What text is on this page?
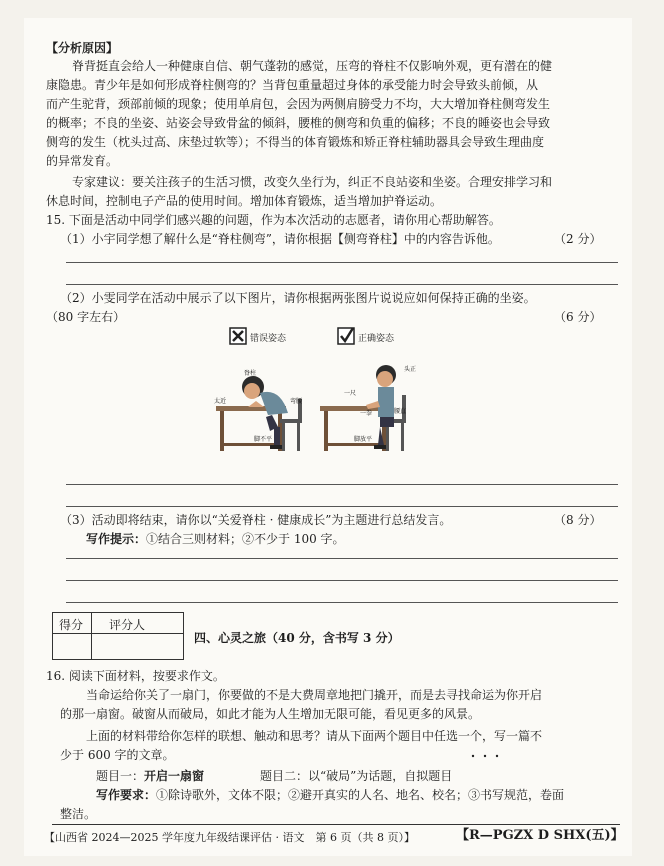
【分析原因】
脊背挺直会给人一种健康自信、朝气蓬勃的感觉，压弯的脊柱不仅影响外观，更有潜在的健
康隐患。青少年是如何形成脊柱侧弯的？当背包重量超过身体的承受能力时会导致头前倾，从
而产生驼背，颈部前倾的现象；使用单肩包，会因为两侧肩膀受力不均，大大增加脊柱侧弯发生
的概率；不良的坐姿、站姿会导致骨盆的倾斜，腰椎的侧弯和负重的偏移；不良的睡姿也会导致
侧弯的发生（枕头过高、床垫过软等）；不得当的体育锻炼和矫正脊柱辅助器具会导致生理曲度
的异常发育。
专家建议：要关注孩子的生活习惯，改变久坐行为，纠正不良站姿和坐姿。合理安排学习和
休息时间，控制电子产品的使用时间。增加体育锻炼，适当增加护脊运动。
15. 下面是活动中同学们感兴趣的问题，作为本次活动的志愿者，请你用心帮助解答。
（1）小宇同学想了解什么是“脊柱侧弯”，请你根据【侧弯脊柱】中的内容告诉他。	（2 分）
（2）小雯同学在活动中展示了以下图片，请你根据两张图片说说应如何保持正确的坐姿。
（80 字左右）	（6 分）
错误姿态	正确姿态
脊柱
太近	弯腰
脚不平
头正
一尺
腰直
一拳
脚放平
（3）活动即将结束，请你以“关爱脊柱 · 健康成长”为主题进行总结发言。	（8 分）
写作提示：①结合三则材料；②不少于 100 字。
得分 评分人
四、心灵之旅（40 分，含书写 3 分）
16. 阅读下面材料，按要求作文。
当命运给你关了一扇门，你要做的不是大费周章地把门撬开，而是去寻找命运为你开启
的那一扇窗。破窗从而破局，如此才能为人生增加无限可能，看见更多的风景。
上面的材料带给你怎样的联想、触动和思考？请从下面两个题目中任选一个，写一篇不
少于 600 字的文章。
题目一：开启一扇窗	题目二：以“破局”为话题，自拟题目
写作要求：①除诗歌外，文体不限；②避开真实的人名、地名、校名；③书写规范，卷面
整洁。
【山西省 2024—2025 学年度九年级结课评估 · 语文　第 6 页（共 8 页）】	【R—PGZX D SHX(五)】
